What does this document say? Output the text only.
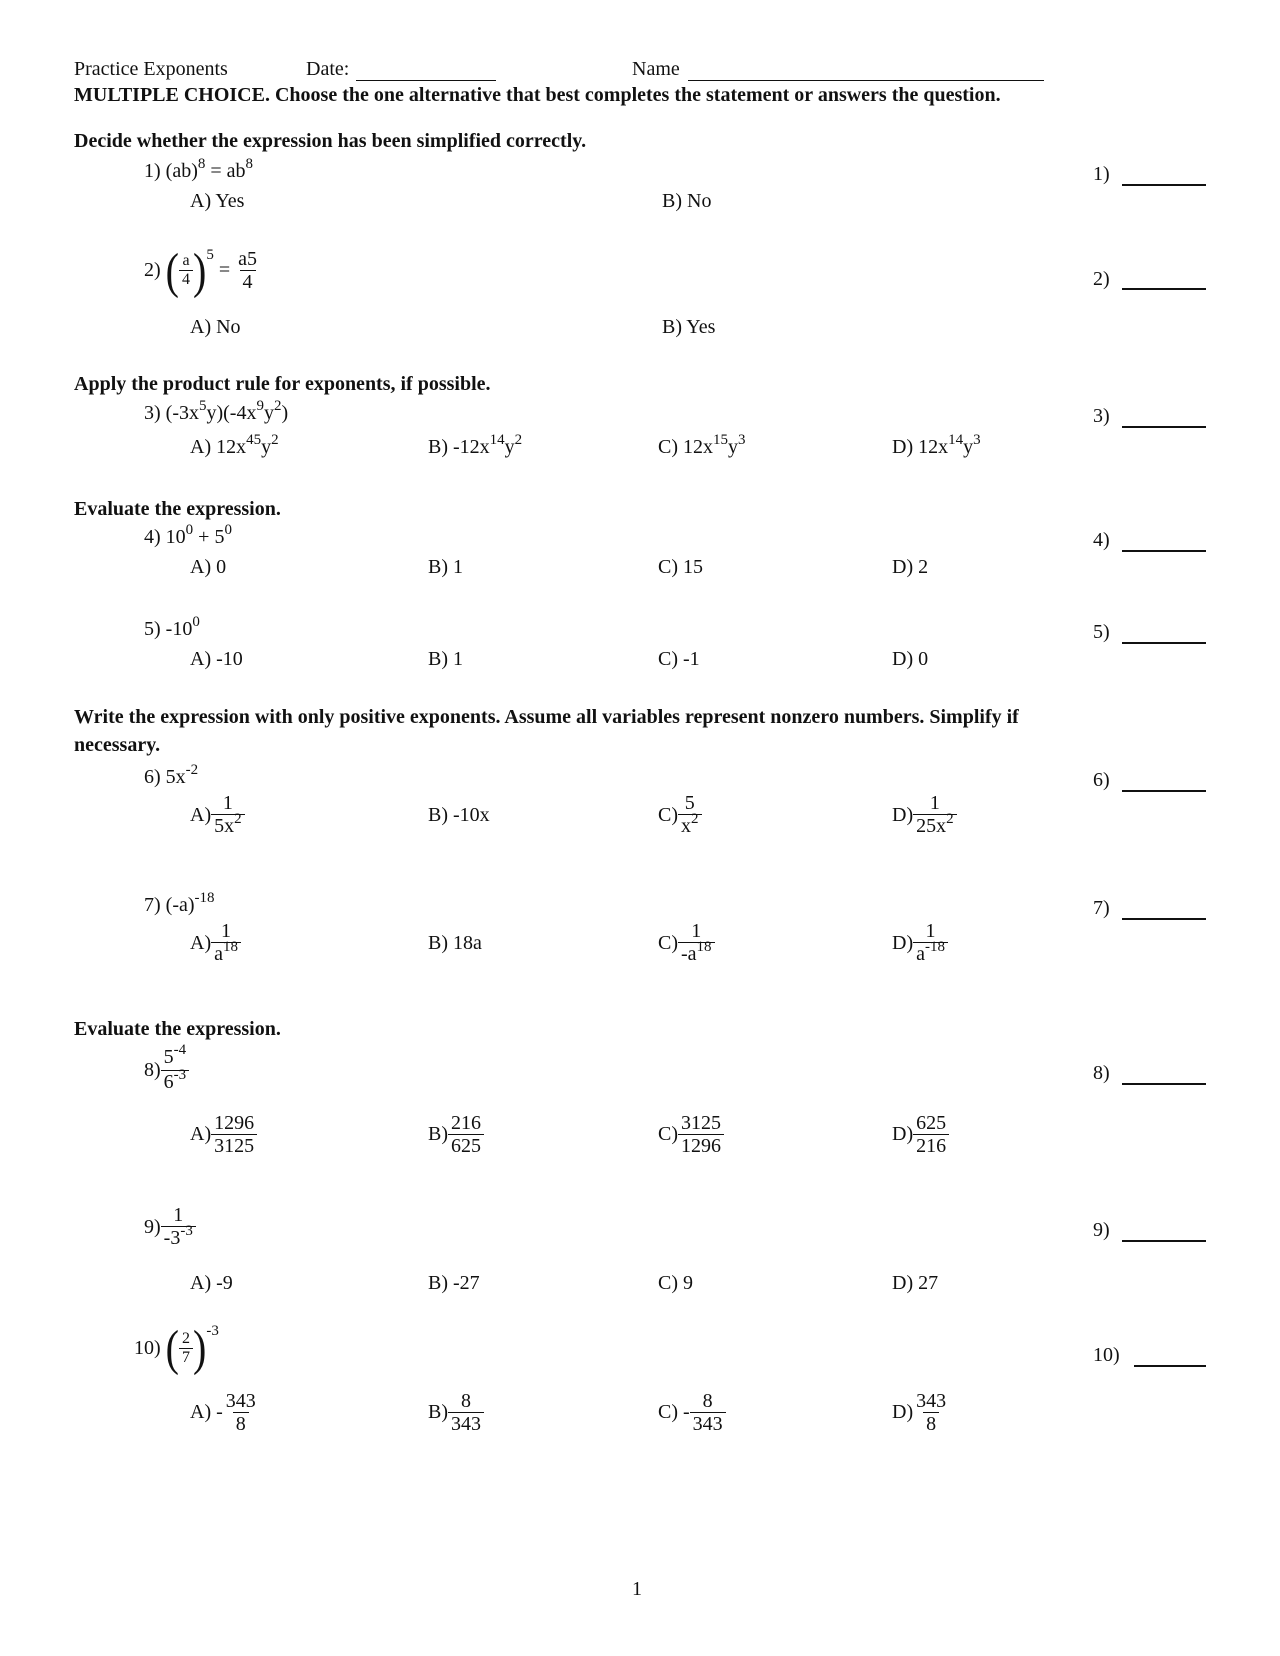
Practice Exponents	Date:	Name
MULTIPLE CHOICE. Choose the one alternative that best completes the statement or answers the question.
Decide whether the expression has been simplified correctly.
1) $(ab)^8 = ab^8$
A) Yes	B) No
1)
2) ( $\frac{a}{4}$ ) $^5 = \frac{a5}{4}$
A) No	B) Yes
2)
Apply the product rule for exponents, if possible.
3) $(-3x^5y)(-4x^9y^2)$
A) $12x^{45}y^2$	B) $-12x^{14}y^2$	C) $12x^{15}y^3$	D) $12x^{14}y^3$
3)
Evaluate the expression.
4) $10^0 + 5^0$
A) 0	B) 1	C) 15	D) 2
4)
5) $-10^0$
A) -10	B) 1	C) -1	D) 0
5)
Write the expression with only positive exponents. Assume all variables represent nonzero numbers. Simplify if
necessary.
6) $5x^{-2}$
$A) \frac{1}{5x^2}$	B) -10x	$C) \frac{5}{x^2}$	$D) \frac{1}{25x^2}$
6)
7) $(-a)^{-18}$
$A) \frac{1}{a^{18}}$	B) 18a	$C) \frac{1}{-a^{18}}$	$D) \frac{1}{a^{-18}}$
7)
Evaluate the expression.
$8) \frac{5^{-4}}{6^{-3}}$
$A) \frac{1296}{3125}$	$B) \frac{216}{625}$	$C) \frac{3125}{1296}$	$D) \frac{625}{216}$
8)
$9) \frac{1}{-3^{-3}}$
A) -9	B) -27	C) 9	D) 27
9)
10) ( $\frac{2}{7}$ ) $^{-3}$
$A) - \frac{343}{8}$	$B) \frac{8}{343}$	$C) - \frac{8}{343}$	$D) \frac{343}{8}$
10)
1
